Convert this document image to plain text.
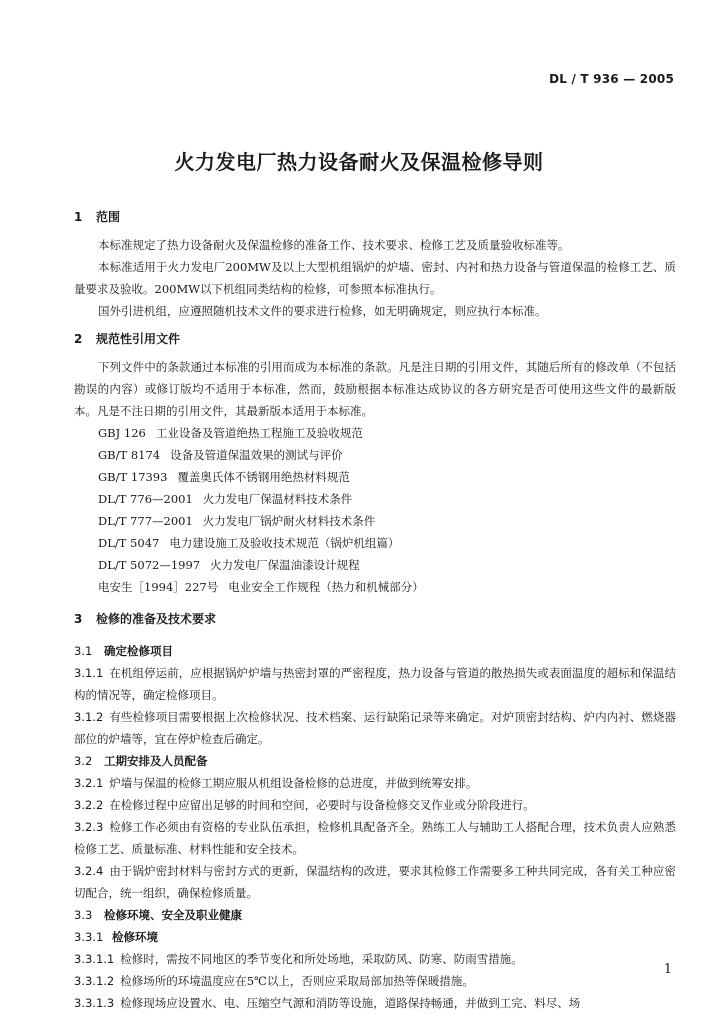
DL / T 936 — 2005
火力发电厂热力设备耐火及保温检修导则
1 范围

本标准规定了热力设备耐火及保温检修的准备工作、技术要求、检修工艺及质量验收标准等。

本标准适用于火力发电厂200MW及以上大型机组锅炉的炉墙、密封、内衬和热力设备与管道保温的检修工艺、质量要求及验收。200MW以下机组同类结构的检修，可参照本标准执行。

国外引进机组，应遵照随机技术文件的要求进行检修，如无明确规定，则应执行本标准。

2 规范性引用文件

下列文件中的条款通过本标准的引用而成为本标准的条款。凡是注日期的引用文件，其随后所有的修改单（不包括勘误的内容）或修订版均不适用于本标准，然而，鼓励根据本标准达成协议的各方研究是否可使用这些文件的最新版本。凡是不注日期的引用文件，其最新版本适用于本标准。

GBJ 126 工业设备及管道绝热工程施工及验收规范
GB/T 8174 设备及管道保温效果的测试与评价
GB/T 17393 覆盖奥氏体不锈钢用绝热材料规范
DL/T 776—2001 火力发电厂保温材料技术条件
DL/T 777—2001 火力发电厂锅炉耐火材料技术条件
DL/T 5047 电力建设施工及验收技术规范（锅炉机组篇）
DL/T 5072—1997 火力发电厂保温油漆设计规程
电安生［1994］227号 电业安全工作规程（热力和机械部分）
3 检修的准备及技术要求
3.1 确定检修项目

3.1.1 在机组停运前，应根据锅炉炉墙与热密封罩的严密程度，热力设备与管道的散热损失或表面温度的超标和保温结构的情况等，确定检修项目。

3.1.2 有些检修项目需要根据上次检修状况、技术档案、运行缺陷记录等来确定。对炉顶密封结构、炉内内衬、燃烧器部位的炉墙等，宜在停炉检查后确定。

3.2 工期安排及人员配备

3.2.1 炉墙与保温的检修工期应服从机组设备检修的总进度，并做到统筹安排。

3.2.2 在检修过程中应留出足够的时间和空间，必要时与设备检修交叉作业或分阶段进行。

3.2.3 检修工作必须由有资格的专业队伍承担，检修机具配备齐全。熟练工人与辅助工人搭配合理，技术负责人应熟悉检修工艺、质量标准、材料性能和安全技术。

3.2.4 由于锅炉密封材料与密封方式的更新，保温结构的改进，要求其检修工作需要多工种共同完成，各有关工种应密切配合，统一组织，确保检修质量。

3.3 检修环境、安全及职业健康
3.3.1 检修环境

3.3.1.1 检修时，需按不同地区的季节变化和所处场地，采取防风、防寒、防雨雪措施。

3.3.1.2 检修场所的环境温度应在5℃以上，否则应采取局部加热等保暖措施。

3.3.1.3 检修现场应设置水、电、压缩空气源和消防等设施，道路保持畅通，并做到工完、料尽、场

1
